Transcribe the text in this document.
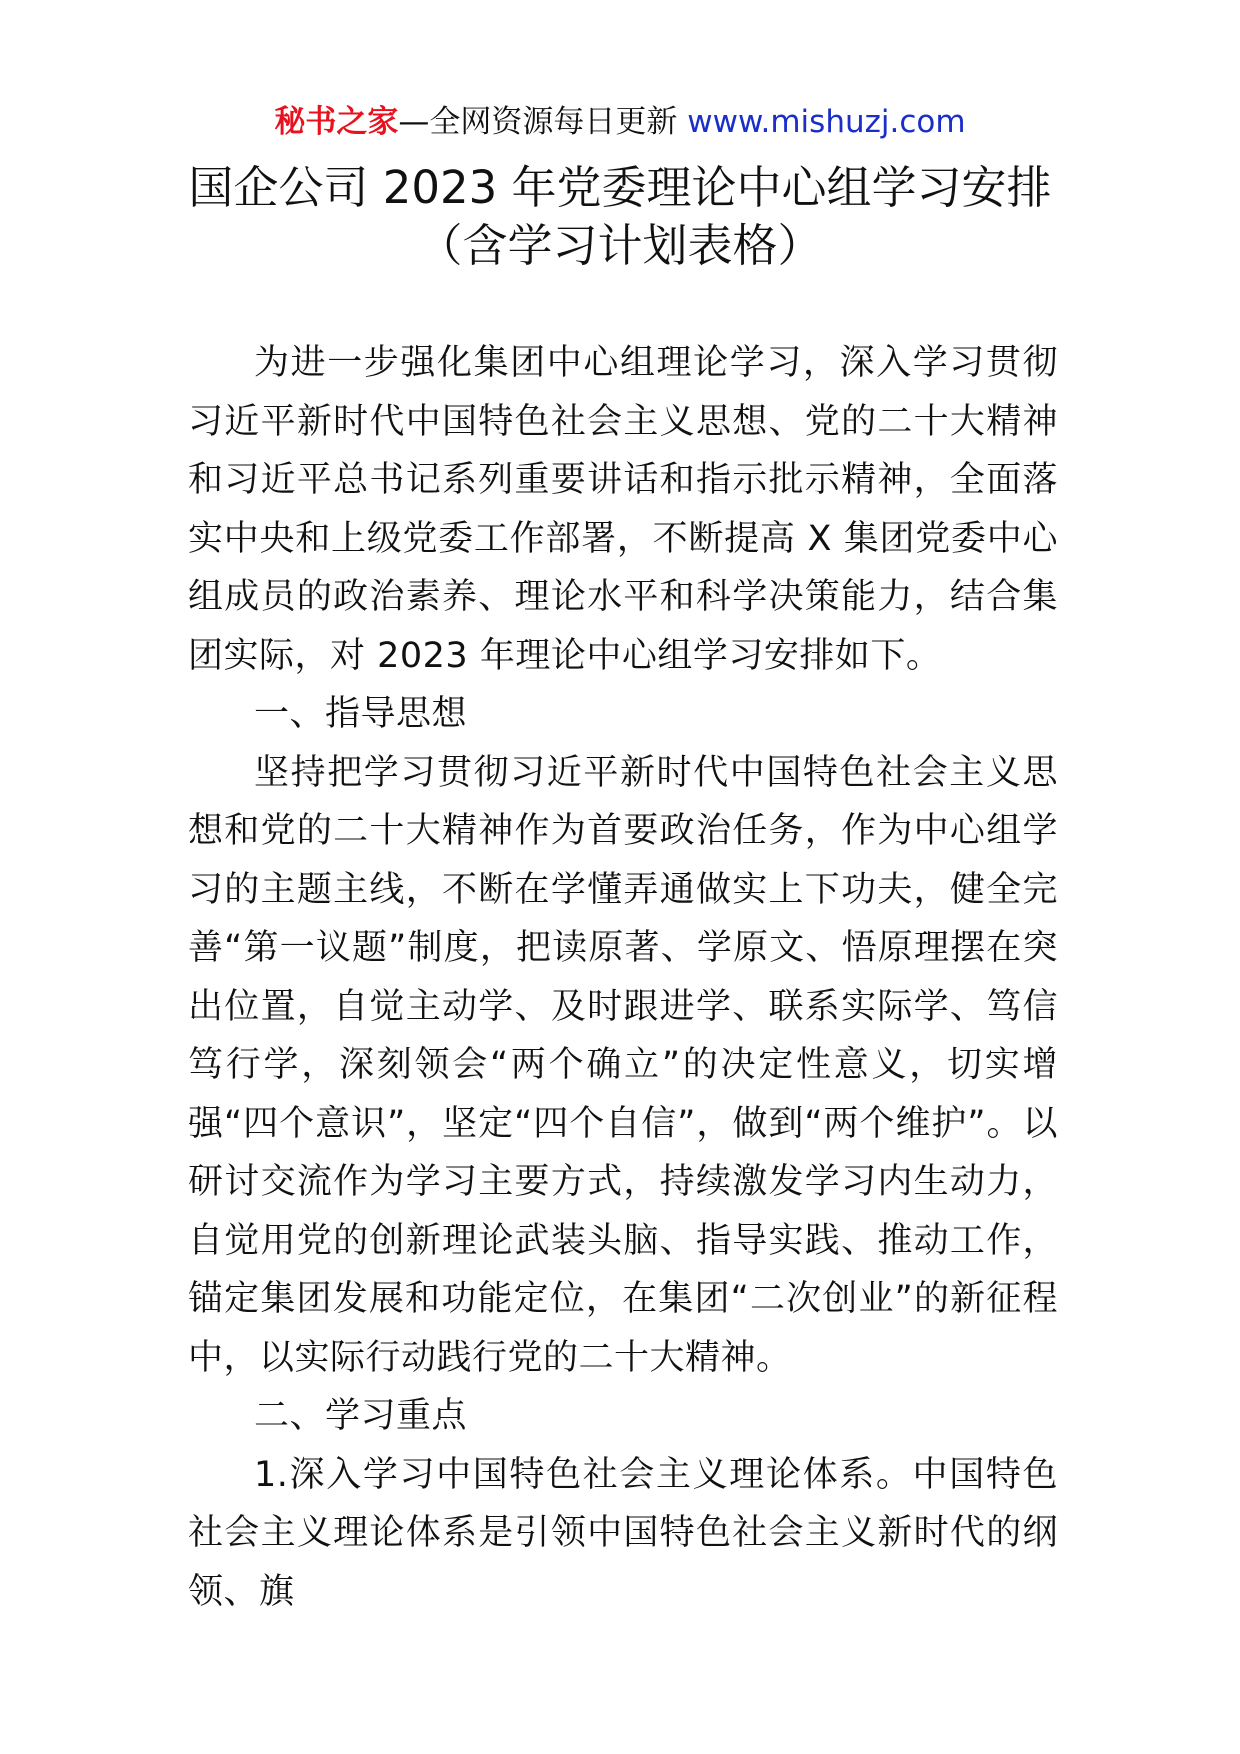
秘书之家—全网资源每日更新 www.mishuzj.com
国企公司 2023 年党委理论中心组学习安排
（含学习计划表格）

为进一步强化集团中心组理论学习，深入学习贯彻习近平新时代中国特色社会主义思想、党的二十大精神和习近平总书记系列重要讲话和指示批示精神，全面落实中央和上级党委工作部署，不断提高 X 集团党委中心组成员的政治素养、理论水平和科学决策能力，结合集团实际，对 2023 年理论中心组学习安排如下。

一、指导思想

坚持把学习贯彻习近平新时代中国特色社会主义思想和党的二十大精神作为首要政治任务，作为中心组学习的主题主线，不断在学懂弄通做实上下功夫，健全完善“第一议题”制度，把读原著、学原文、悟原理摆在突出位置，自觉主动学、及时跟进学、联系实际学、笃信笃行学，深刻领会“两个确立”的决定性意义，切实增强“四个意识”，坚定“四个自信”，做到“两个维护”。以研讨交流作为学习主要方式，持续激发学习内生动力，自觉用党的创新理论武装头脑、指导实践、推动工作，锚定集团发展和功能定位，在集团“二次创业”的新征程中，以实际行动践行党的二十大精神。

二、学习重点

1.深入学习中国特色社会主义理论体系。中国特色社会主义理论体系是引领中国特色社会主义新时代的纲领、旗
